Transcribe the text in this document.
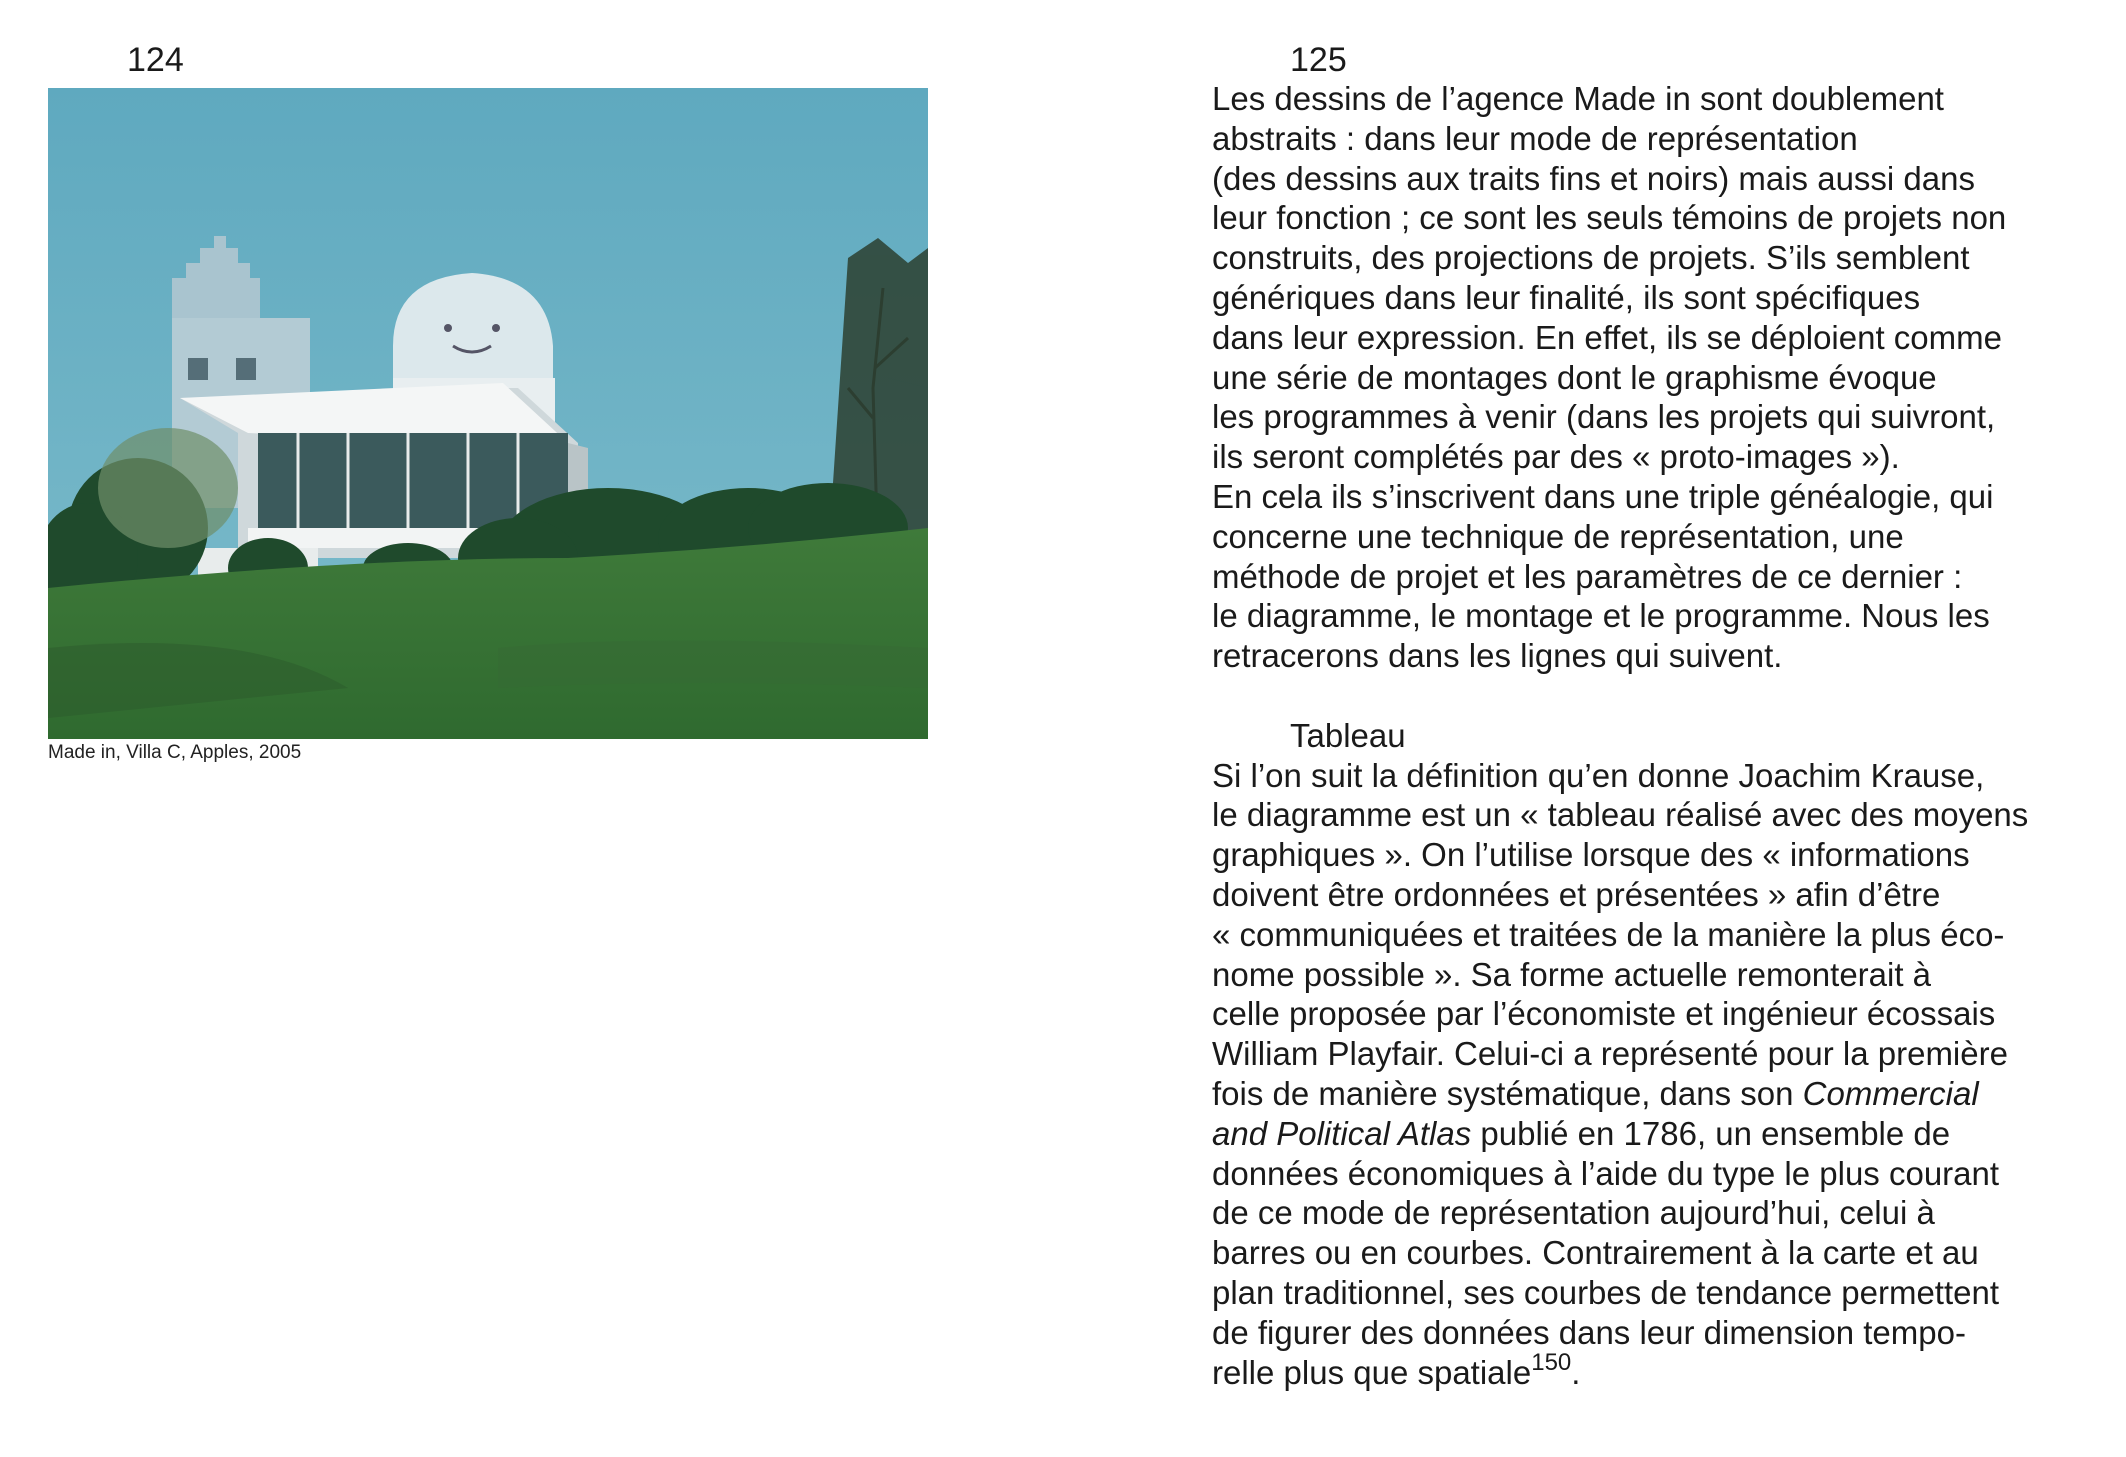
124
Made in, Villa C, Apples, 2005
125
Les dessins de l’agence Made in sont doublement
abstraits : dans leur mode de représentation
(des dessins aux traits fins et noirs) mais aussi dans
leur fonction ; ce sont les seuls témoins de projets non
construits, des projections de projets. S’ils semblent
génériques dans leur finalité, ils sont spécifiques
dans leur expression. En effet, ils se déploient comme
une série de montages dont le graphisme évoque
les programmes à venir (dans les projets qui suivront,
ils seront complétés par des « proto-images »).
En cela ils s’inscrivent dans une triple généalogie, qui
concerne une technique de représentation, une
méthode de projet et les paramètres de ce dernier :
le diagramme, le montage et le programme. Nous les
retracerons dans les lignes qui suivent.
Tableau
Si l’on suit la définition qu’en donne Joachim Krause,
le diagramme est un « tableau réalisé avec des moyens
graphiques ». On l’utilise lorsque des « informations
doivent être ordonnées et présentées » afin d’être
« communiquées et traitées de la manière la plus éco-
nome possible ». Sa forme actuelle remonterait à
celle proposée par l’économiste et ingénieur écossais
William Playfair. Celui-ci a représenté pour la première
fois de manière systématique, dans son Commercial
and Political Atlas publié en 1786, un ensemble de
données économiques à l’aide du type le plus courant
de ce mode de représentation aujourd’hui, celui à
barres ou en courbes. Contrairement à la carte et au
plan traditionnel, ses courbes de tendance permettent
de figurer des données dans leur dimension tempo-
relle plus que spatiale$^{150}$.
